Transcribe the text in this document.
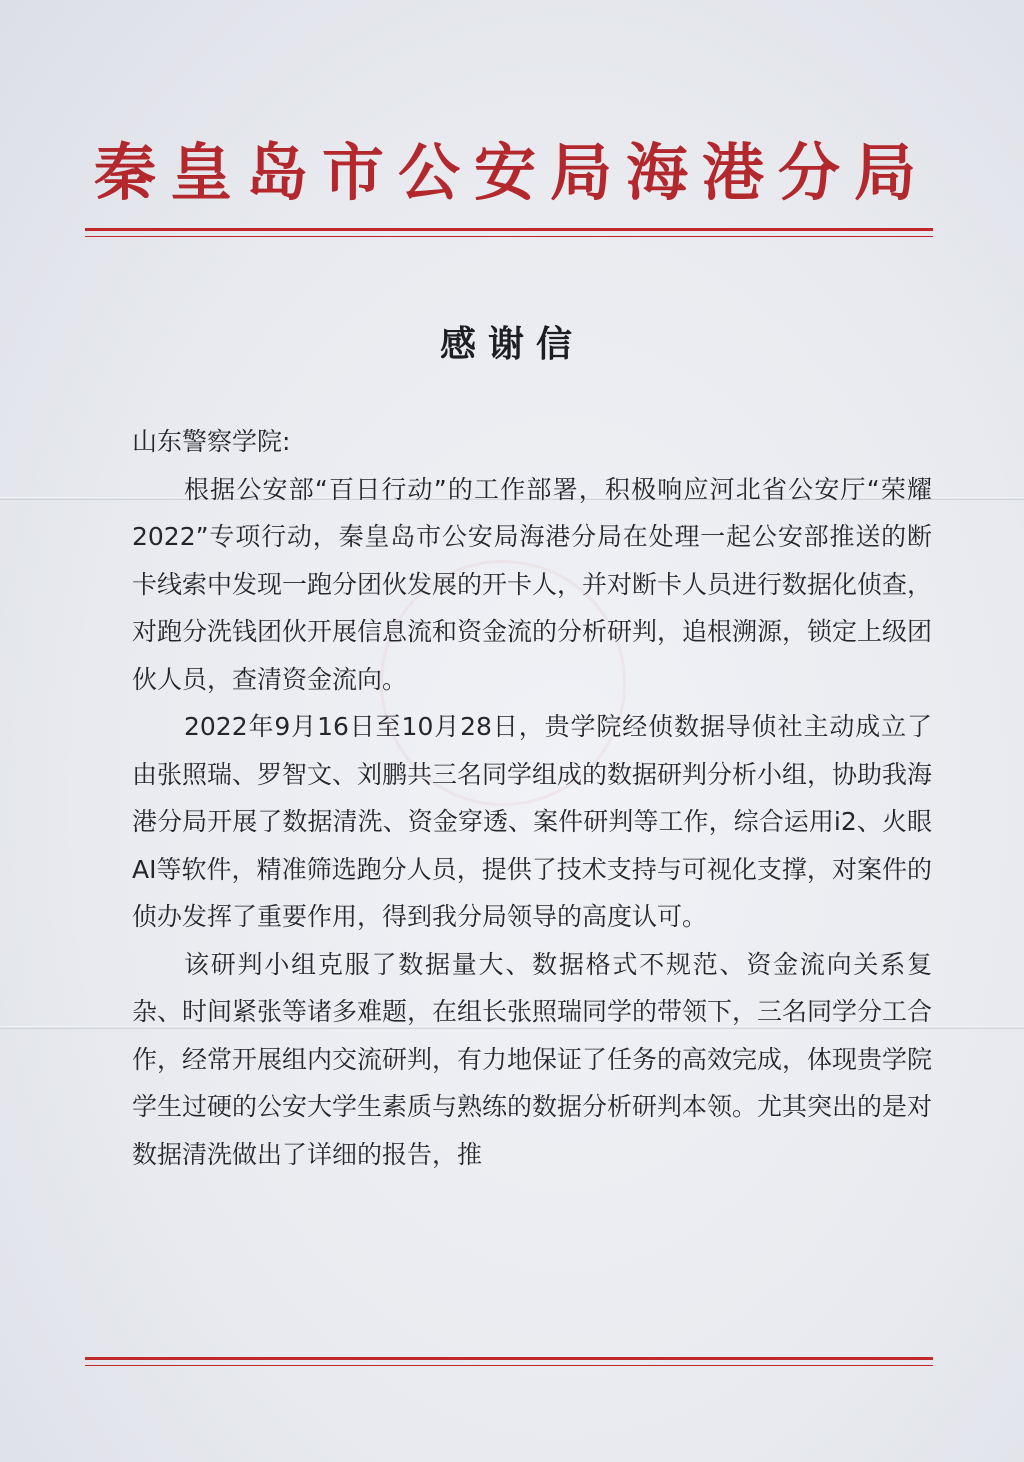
秦皇岛市公安局海港分局
感谢信

山东警察学院:

根据公安部“百日行动”的工作部署，积极响应河北省公安厅“荣耀2022”专项行动，秦皇岛市公安局海港分局在处理一起公安部推送的断卡线索中发现一跑分团伙发展的开卡人，并对断卡人员进行数据化侦查，对跑分洗钱团伙开展信息流和资金流的分析研判，追根溯源，锁定上级团伙人员，查清资金流向。

2022年9月16日至10月28日，贵学院经侦数据导侦社主动成立了由张照瑞、罗智文、刘鹏共三名同学组成的数据研判分析小组，协助我海港分局开展了数据清洗、资金穿透、案件研判等工作，综合运用i2、火眼AI等软件，精准筛选跑分人员，提供了技术支持与可视化支撑，对案件的侦办发挥了重要作用，得到我分局领导的高度认可。

该研判小组克服了数据量大、数据格式不规范、资金流向关系复杂、时间紧张等诸多难题，在组长张照瑞同学的带领下，三名同学分工合作，经常开展组内交流研判，有力地保证了任务的高效完成，体现贵学院学生过硬的公安大学生素质与熟练的数据分析研判本领。尤其突出的是对数据清洗做出了详细的报告，推
